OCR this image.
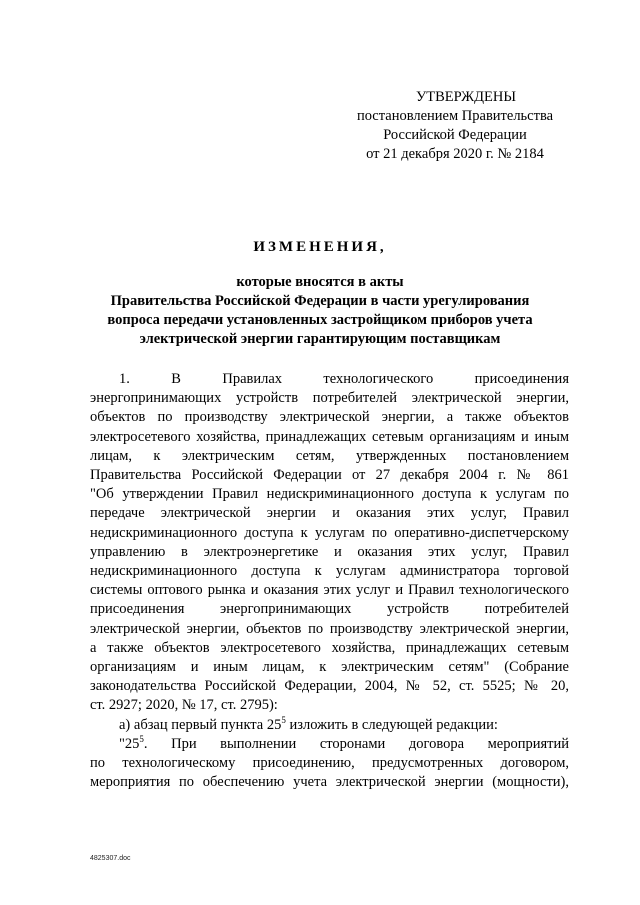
УТВЕРЖДЕНЫ
постановлением Правительства
Российской Федерации
от 21 декабря 2020 г. № 2184
ИЗМЕНЕНИЯ,
которые вносятся в акты
Правительства Российской Федерации в части урегулирования
вопроса передачи установленных застройщиком приборов учета
электрической энергии гарантирующим поставщикам

1. В Правилах технологического присоединения
энергопринимающих устройств потребителей электрической энергии,
объектов по производству электрической энергии, а также объектов
электросетевого хозяйства, принадлежащих сетевым организациям и иным
лицам, к электрическим сетям, утвержденных постановлением
Правительства Российской Федерации от 27 декабря 2004 г. № 861
"Об утверждении Правил недискриминационного доступа к услугам по
передаче электрической энергии и оказания этих услуг, Правил
недискриминационного доступа к услугам по оперативно-диспетчерскому
управлению в электроэнергетике и оказания этих услуг, Правил
недискриминационного доступа к услугам администратора торговой
системы оптового рынка и оказания этих услуг и Правил технологического
присоединения энергопринимающих устройств потребителей
электрической энергии, объектов по производству электрической энергии,
а также объектов электросетевого хозяйства, принадлежащих сетевым
организациям и иным лицам, к электрическим сетям" (Собрание
законодательства Российской Федерации, 2004, № 52, ст. 5525; № 20,
ст. 2927; 2020, № 17, ст. 2795):

а) абзац первый пункта $25^5$ изложить в следующей редакции:

"$25^5$. При выполнении сторонами договора мероприятий
по технологическому присоединению, предусмотренных договором,
мероприятия по обеспечению учета электрической энергии (мощности),

4825307.doc
